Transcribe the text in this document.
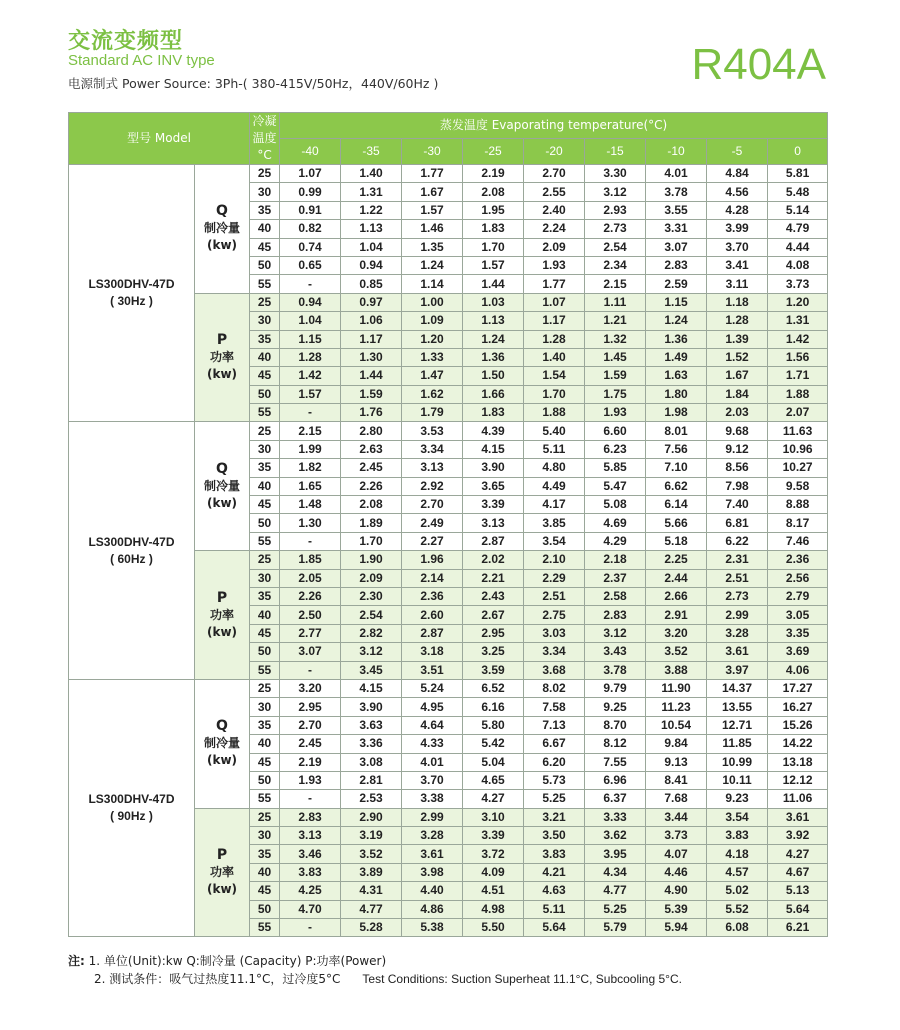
交流变频型
Standard AC INV type
电源制式 Power Source: 3Ph-( 380-415V/50Hz，440V/60Hz )	R404A
型号 Model		冷凝
温度
°C	蒸发温度 Evaporating temperature(°C)								
			-40	-35	-30	-25	-20	-15	-10	-5	0
LS300DHV-47D
( 30Hz )	Q
制冷量
(kw)	25	1.07	1.40	1.77	2.19	2.70	3.30	4.01	4.84	5.81
		30	0.99	1.31	1.67	2.08	2.55	3.12	3.78	4.56	5.48
		35	0.91	1.22	1.57	1.95	2.40	2.93	3.55	4.28	5.14
		40	0.82	1.13	1.46	1.83	2.24	2.73	3.31	3.99	4.79
		45	0.74	1.04	1.35	1.70	2.09	2.54	3.07	3.70	4.44
		50	0.65	0.94	1.24	1.57	1.93	2.34	2.83	3.41	4.08
		55	-	0.85	1.14	1.44	1.77	2.15	2.59	3.11	3.73

	P
功率
(kw)	25	0.94	0.97	1.00	1.03	1.07	1.11	1.15	1.18	1.20
		30	1.04	1.06	1.09	1.13	1.17	1.21	1.24	1.28	1.31
		35	1.15	1.17	1.20	1.24	1.28	1.32	1.36	1.39	1.42
		40	1.28	1.30	1.33	1.36	1.40	1.45	1.49	1.52	1.56
		45	1.42	1.44	1.47	1.50	1.54	1.59	1.63	1.67	1.71
		50	1.57	1.59	1.62	1.66	1.70	1.75	1.80	1.84	1.88
		55	-	1.76	1.79	1.83	1.88	1.93	1.98	2.03	2.07
LS300DHV-47D
( 60Hz )	Q
制冷量
(kw)	25	2.15	2.80	3.53	4.39	5.40	6.60	8.01	9.68	11.63
		30	1.99	2.63	3.34	4.15	5.11	6.23	7.56	9.12	10.96
		35	1.82	2.45	3.13	3.90	4.80	5.85	7.10	8.56	10.27
		40	1.65	2.26	2.92	3.65	4.49	5.47	6.62	7.98	9.58
		45	1.48	2.08	2.70	3.39	4.17	5.08	6.14	7.40	8.88
		50	1.30	1.89	2.49	3.13	3.85	4.69	5.66	6.81	8.17
		55	-	1.70	2.27	2.87	3.54	4.29	5.18	6.22	7.46

	P
功率
(kw)	25	1.85	1.90	1.96	2.02	2.10	2.18	2.25	2.31	2.36
		30	2.05	2.09	2.14	2.21	2.29	2.37	2.44	2.51	2.56
		35	2.26	2.30	2.36	2.43	2.51	2.58	2.66	2.73	2.79
		40	2.50	2.54	2.60	2.67	2.75	2.83	2.91	2.99	3.05
		45	2.77	2.82	2.87	2.95	3.03	3.12	3.20	3.28	3.35
		50	3.07	3.12	3.18	3.25	3.34	3.43	3.52	3.61	3.69
		55	-	3.45	3.51	3.59	3.68	3.78	3.88	3.97	4.06
LS300DHV-47D
( 90Hz )	Q
制冷量
(kw)	25	3.20	4.15	5.24	6.52	8.02	9.79	11.90	14.37	17.27
		30	2.95	3.90	4.95	6.16	7.58	9.25	11.23	13.55	16.27
		35	2.70	3.63	4.64	5.80	7.13	8.70	10.54	12.71	15.26
		40	2.45	3.36	4.33	5.42	6.67	8.12	9.84	11.85	14.22
		45	2.19	3.08	4.01	5.04	6.20	7.55	9.13	10.99	13.18
		50	1.93	2.81	3.70	4.65	5.73	6.96	8.41	10.11	12.12
		55	-	2.53	3.38	4.27	5.25	6.37	7.68	9.23	11.06

	P
功率
(kw)	25	2.83	2.90	2.99	3.10	3.21	3.33	3.44	3.54	3.61
		30	3.13	3.19	3.28	3.39	3.50	3.62	3.73	3.83	3.92
		35	3.46	3.52	3.61	3.72	3.83	3.95	4.07	4.18	4.27
		40	3.83	3.89	3.98	4.09	4.21	4.34	4.46	4.57	4.67
		45	4.25	4.31	4.40	4.51	4.63	4.77	4.90	5.02	5.13
		50	4.70	4.77	4.86	4.98	5.11	5.25	5.39	5.52	5.64
		55	-	5.28	5.38	5.50	5.64	5.79	5.94	6.08	6.21
注: 1. 单位(Unit):kw Q:制冷量 (Capacity) P:功率(Power)
2. 测试条件：吸气过热度11.1°C，过冷度5°C Test Conditions: Suction Superheat 11.1°C, Subcooling 5°C.
